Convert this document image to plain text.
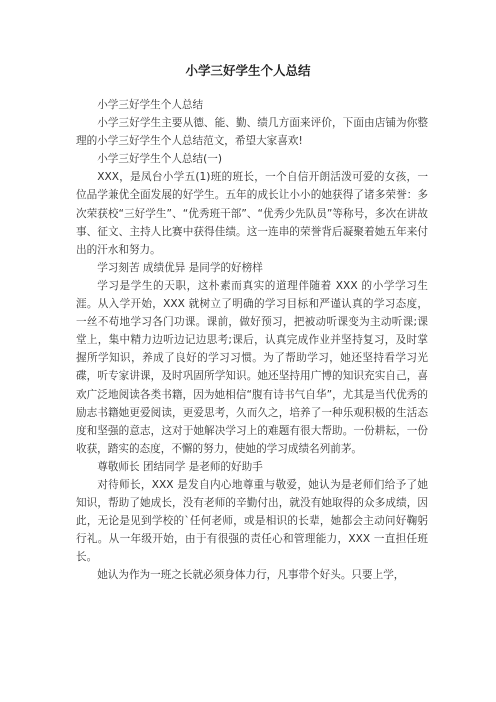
小学三好学生个人总结

小学三好学生个人总结

小学三好学生主要从德、能、勤、绩几方面来评价，下面由店铺为你整理的小学三好学生个人总结范文，希望大家喜欢!

小学三好学生个人总结(一)

XXX，是凤台小学五(1)班的班长，一个自信开朗活泼可爱的女孩，一位品学兼优全面发展的好学生。五年的成长让小小的她获得了诸多荣誉：多次荣获校“三好学生”、“优秀班干部”、“优秀少先队员”等称号，多次在讲故事、征文、主持人比赛中获得佳绩。这一连串的荣誉背后凝聚着她五年来付出的汗水和努力。

学习刻苦 成绩优异 是同学的好榜样

学习是学生的天职，这朴素而真实的道理伴随着 XXX 的小学学习生涯。从入学开始，XXX 就树立了明确的学习目标和严谨认真的学习态度，一丝不苟地学习各门功课。课前，做好预习，把被动听课变为主动听课;课堂上，集中精力边听边记边思考;课后，认真完成作业并坚持复习，及时掌握所学知识，养成了良好的学习习惯。为了帮助学习，她还坚持看学习光碟，听专家讲课，及时巩固所学知识。她还坚持用广博的知识充实自己，喜欢广泛地阅读各类书籍，因为她相信“腹有诗书气自华”，尤其是当代优秀的励志书籍她更爱阅读，更爱思考，久而久之，培养了一种乐观积极的生活态度和坚强的意志，这对于她解决学习上的难题有很大帮助。一份耕耘，一份收获，踏实的态度，不懈的努力，使她的学习成绩名列前茅。

尊敬师长 团结同学 是老师的好助手

对待师长，XXX 是发自内心地尊重与敬爱，她认为是老师们给予了她知识，帮助了她成长，没有老师的辛勤付出，就没有她取得的众多成绩，因此，无论是见到学校的`任何老师，或是相识的长辈，她都会主动问好鞠躬行礼。从一年级开始，由于有很强的责任心和管理能力，XXX 一直担任班长。

她认为作为一班之长就必须身体力行，凡事带个好头。只要上学，
